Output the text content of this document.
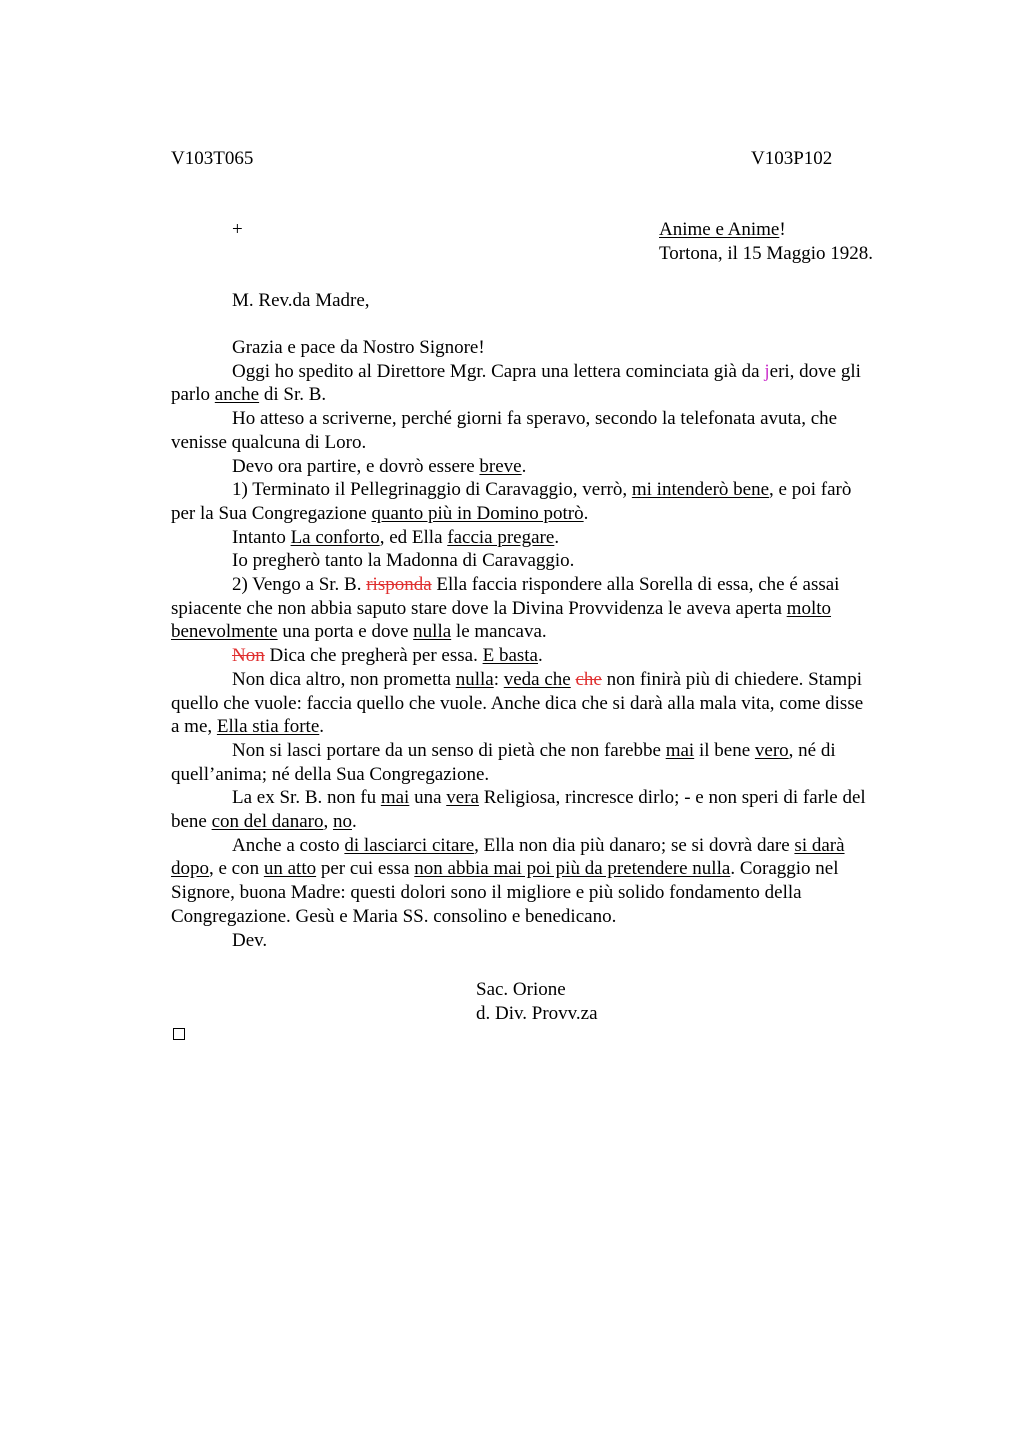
V103T065	V103P102
+	Anime e Anime!
Tortona, il 15 Maggio 1928.
M. Rev.da Madre,
Grazia e pace da Nostro Signore!
Oggi ho spedito al Direttore Mgr. Capra una lettera cominciata già da jeri, dove gli
parlo anche di Sr. B.
Ho atteso a scriverne, perché giorni fa speravo, secondo la telefonata avuta, che
venisse qualcuna di Loro.
Devo ora partire, e dovrò essere breve.
1) Terminato il Pellegrinaggio di Caravaggio, verrò, mi intenderò bene, e poi farò
per la Sua Congregazione quanto più in Domino potrò.
Intanto La conforto, ed Ella faccia pregare.
Io pregherò tanto la Madonna di Caravaggio.
2) Vengo a Sr. B. risponda Ella faccia rispondere alla Sorella di essa, che é assai
spiacente che non abbia saputo stare dove la Divina Provvidenza le aveva aperta molto
benevolmente una porta e dove nulla le mancava.
Non Dica che pregherà per essa. E basta.
Non dica altro, non prometta nulla: veda che che non finirà più di chiedere. Stampi
quello che vuole: faccia quello che vuole. Anche dica che si darà alla mala vita, come disse
a me, Ella stia forte.
Non si lasci portare da un senso di pietà che non farebbe mai il bene vero, né di
quell’anima; né della Sua Congregazione.
La ex Sr. B. non fu mai una vera Religiosa, rincresce dirlo; - e non speri di farle del
bene con del danaro, no.
Anche a costo di lasciarci citare, Ella non dia più danaro; se si dovrà dare si darà
dopo, e con un atto per cui essa non abbia mai poi più da pretendere nulla. Coraggio nel
Signore, buona Madre: questi dolori sono il migliore e più solido fondamento della
Congregazione. Gesù e Maria SS. consolino e benedicano.
Dev.
Sac. Orione
d. Div. Provv.za
